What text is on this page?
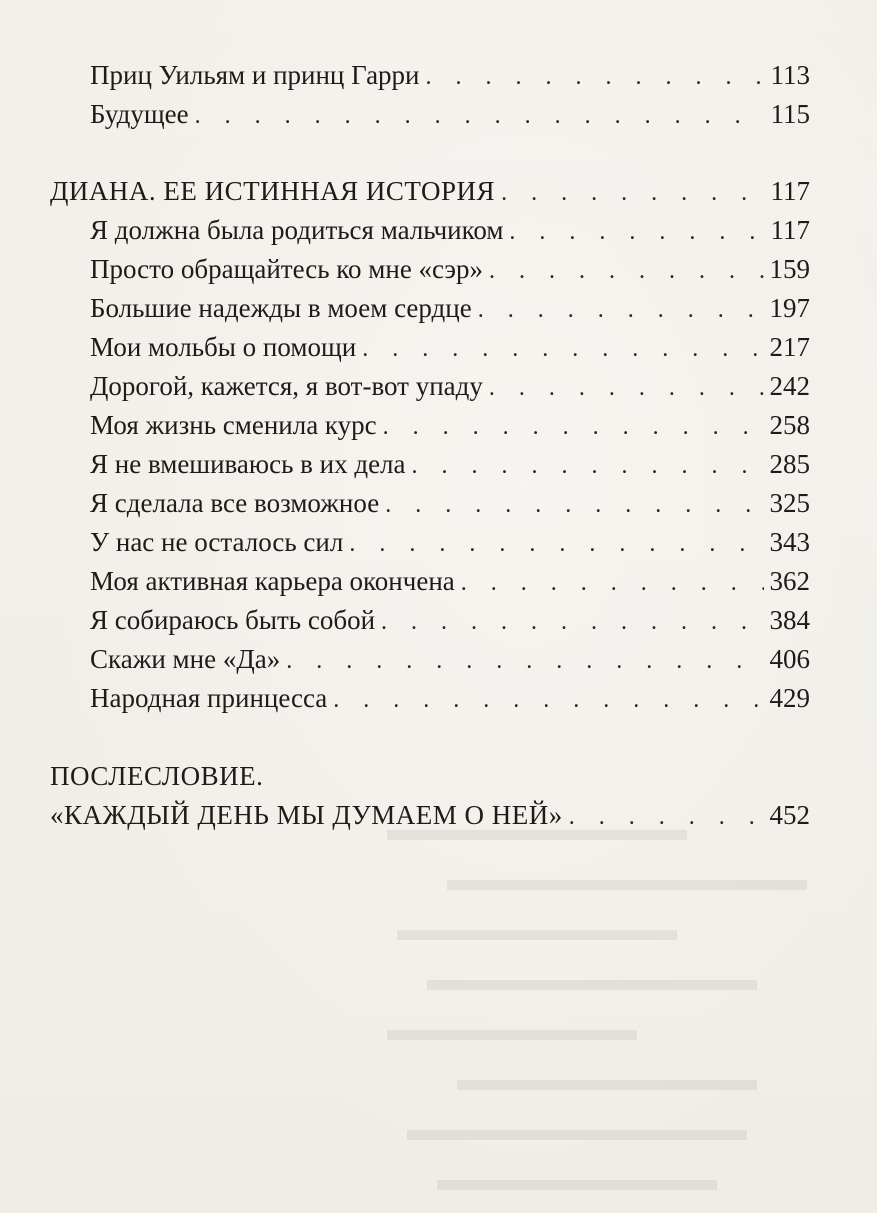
Приц Уильям и принц Гарри . . .	113
Будущее . . .	115
ДИАНА. ЕЕ ИСТИННАЯ ИСТОРИЯ . . .	117
Я должна была родиться мальчиком . . .	117
Просто обращайтесь ко мне «сэр» . . .	159
Большие надежды в моем сердце . . .	197
Мои мольбы о помощи . . .	217
Дорогой, кажется, я вот-вот упаду . . .	242
Моя жизнь сменила курс . . .	258
Я не вмешиваюсь в их дела . . .	285
Я сделала все возможное . . .	325
У нас не осталось сил . . .	343
Моя активная карьера окончена . . .	362
Я собираюсь быть собой . . .	384
Скажи мне «Да» . . .	406
Народная принцесса . . .	429
ПОСЛЕСЛОВИЕ.
«КАЖДЫЙ ДЕНЬ МЫ ДУМАЕМ О НЕЙ» . . .	452
